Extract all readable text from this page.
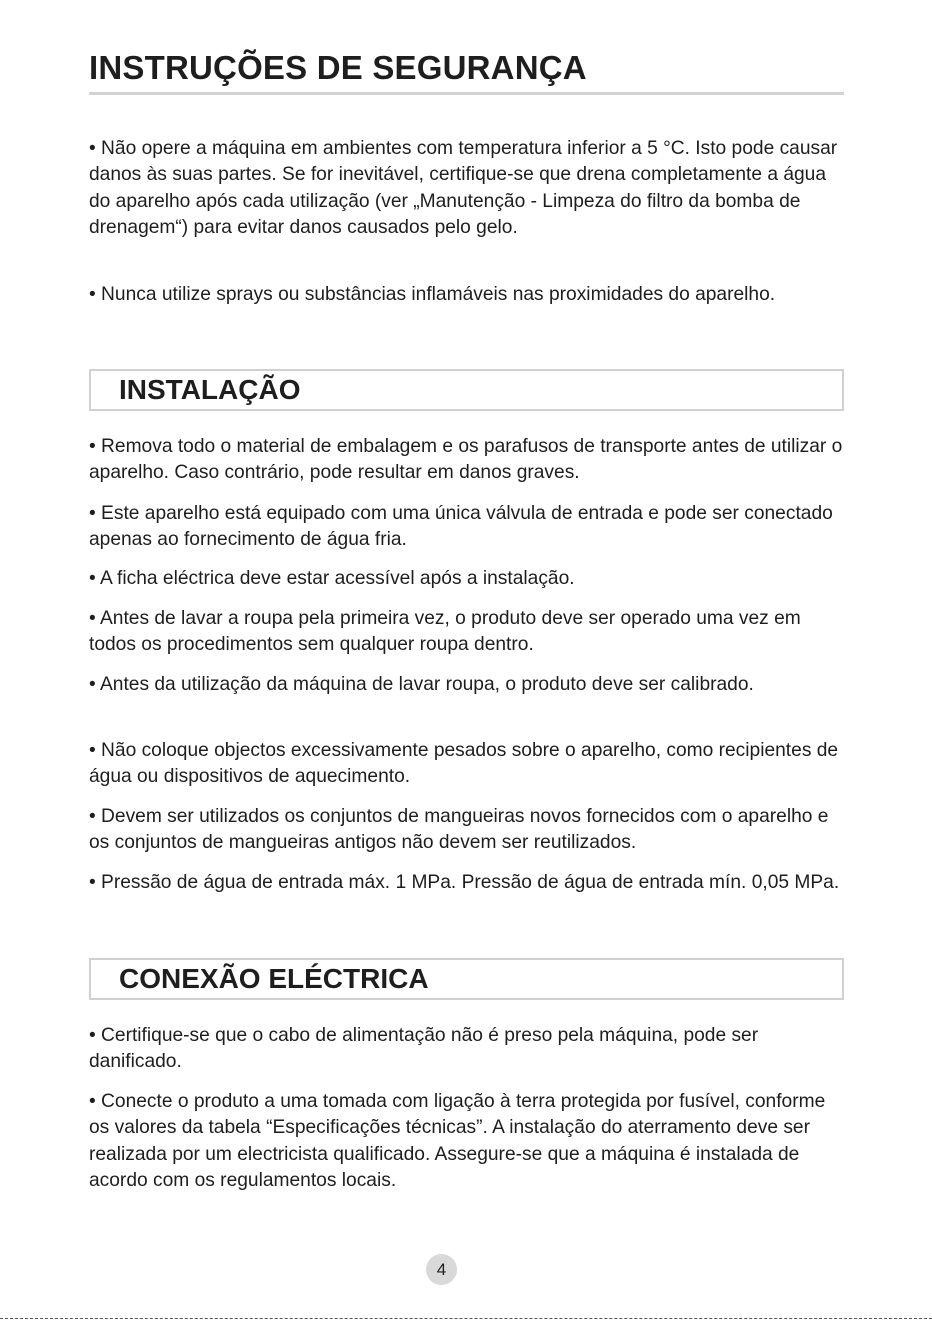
INSTRUÇÕES DE SEGURANÇA

• Não opere a máquina em ambientes com temperatura inferior a 5 °C. Isto pode causar danos às suas partes. Se for inevitável, certifique-se que drena completamente a água do aparelho após cada utilização (ver „Manutenção - Limpeza do filtro da bomba de drenagem“) para evitar danos causados pelo gelo.

• Nunca utilize sprays ou substâncias inflamáveis nas proximidades do aparelho.

INSTALAÇÃO

• Remova todo o material de embalagem e os parafusos de transporte antes de utilizar o aparelho. Caso contrário, pode resultar em danos graves.

• Este aparelho está equipado com uma única válvula de entrada e pode ser conectado apenas ao fornecimento de água fria.

• A ficha eléctrica deve estar acessível após a instalação.

• Antes de lavar a roupa pela primeira vez, o produto deve ser operado uma vez em todos os procedimentos sem qualquer roupa dentro.

• Antes da utilização da máquina de lavar roupa, o produto deve ser calibrado.

• Não coloque objectos excessivamente pesados sobre o aparelho, como recipientes de água ou dispositivos de aquecimento.

• Devem ser utilizados os conjuntos de mangueiras novos fornecidos com o aparelho e os conjuntos de mangueiras antigos não devem ser reutilizados.

• Pressão de água de entrada máx. 1 MPa. Pressão de água de entrada mín. 0,05 MPa.

CONEXÃO ELÉCTRICA

• Certifique-se que o cabo de alimentação não é preso pela máquina, pode ser danificado.

• Conecte o produto a uma tomada com ligação à terra protegida por fusível, conforme os valores da tabela “Especificações técnicas”. A instalação do aterramento deve ser realizada por um electricista qualificado. Assegure-se que a máquina é instalada de acordo com os regulamentos locais.

4
